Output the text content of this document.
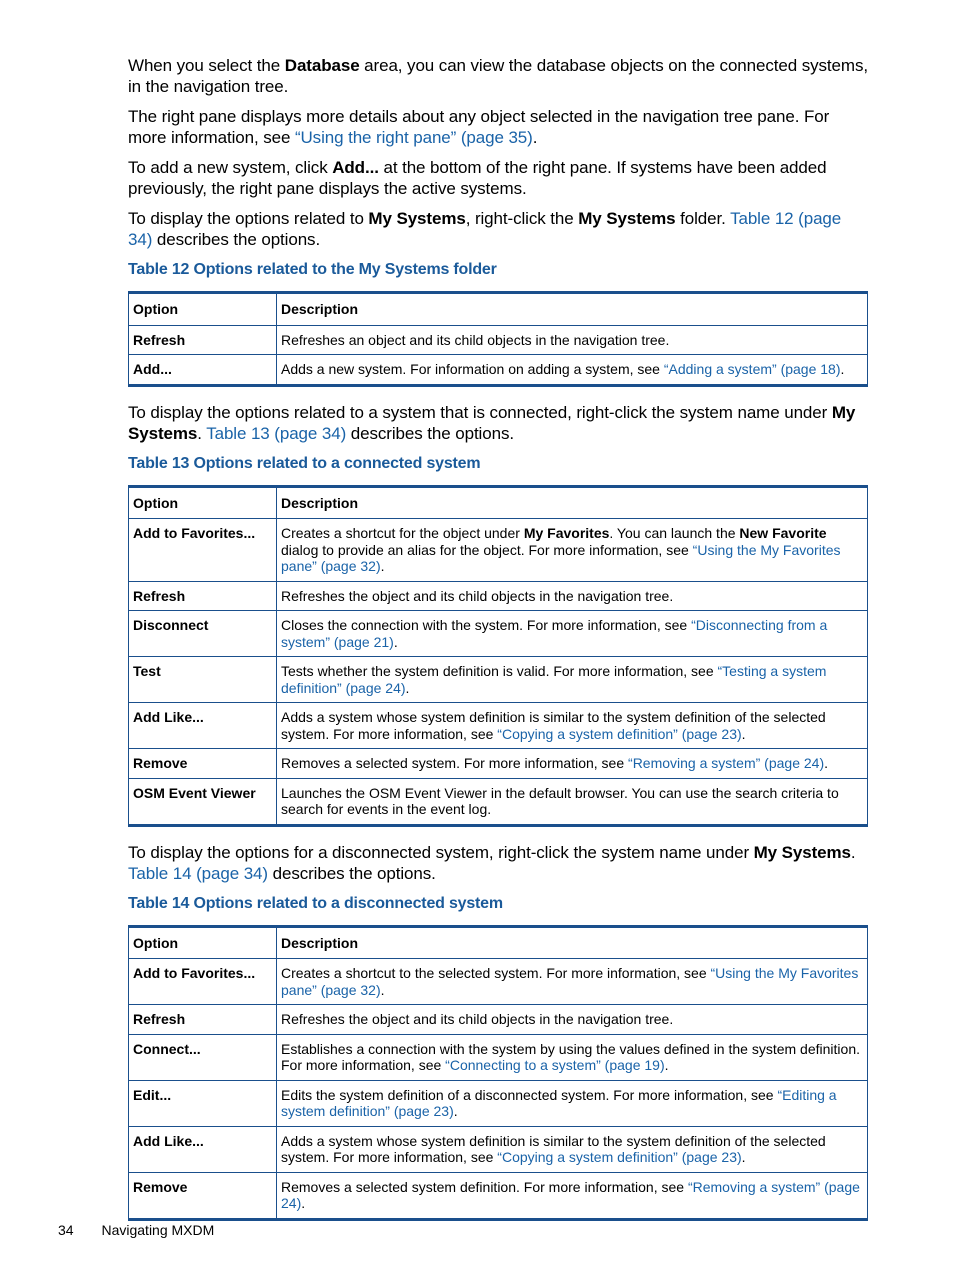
When you select the Database area, you can view the database objects on the connected systems, in the navigation tree.

The right pane displays more details about any object selected in the navigation tree pane. For more information, see “Using the right pane” (page 35).

To add a new system, click Add... at the bottom of the right pane. If systems have been added previously, the right pane displays the active systems.

To display the options related to My Systems, right-click the My Systems folder. Table 12 (page 34) describes the options.

Table 12 Options related to the My Systems folder
Option	Description
Refresh	Refreshes an object and its child objects in the navigation tree.
Add...	Adds a new system. For information on adding a system, see “Adding a system” (page 18).

To display the options related to a system that is connected, right-click the system name under My Systems. Table 13 (page 34) describes the options.

Table 13 Options related to a connected system
Option	Description
Add to Favorites...	Creates a shortcut for the object under My Favorites. You can launch the New Favorite dialog to provide an alias for the object. For more information, see “Using the My Favorites pane” (page 32).
Refresh	Refreshes the object and its child objects in the navigation tree.
Disconnect	Closes the connection with the system. For more information, see “Disconnecting from a system” (page 21).
Test	Tests whether the system definition is valid. For more information, see “Testing a system definition” (page 24).
Add Like...	Adds a system whose system definition is similar to the system definition of the selected system. For more information, see “Copying a system definition” (page 23).
Remove	Removes a selected system. For more information, see “Removing a system” (page 24).
OSM Event Viewer	Launches the OSM Event Viewer in the default browser. You can use the search criteria to search for events in the event log.

To display the options for a disconnected system, right-click the system name under My Systems. Table 14 (page 34) describes the options.

Table 14 Options related to a disconnected system
Option	Description
Add to Favorites...	Creates a shortcut to the selected system. For more information, see “Using the My Favorites pane” (page 32).
Refresh	Refreshes the object and its child objects in the navigation tree.
Connect...	Establishes a connection with the system by using the values defined in the system definition. For more information, see “Connecting to a system” (page 19).
Edit...	Edits the system definition of a disconnected system. For more information, see “Editing a system definition” (page 23).
Add Like...	Adds a system whose system definition is similar to the system definition of the selected system. For more information, see “Copying a system definition” (page 23).
Remove	Removes a selected system definition. For more information, see “Removing a system” (page 24).
34 Navigating MXDM
